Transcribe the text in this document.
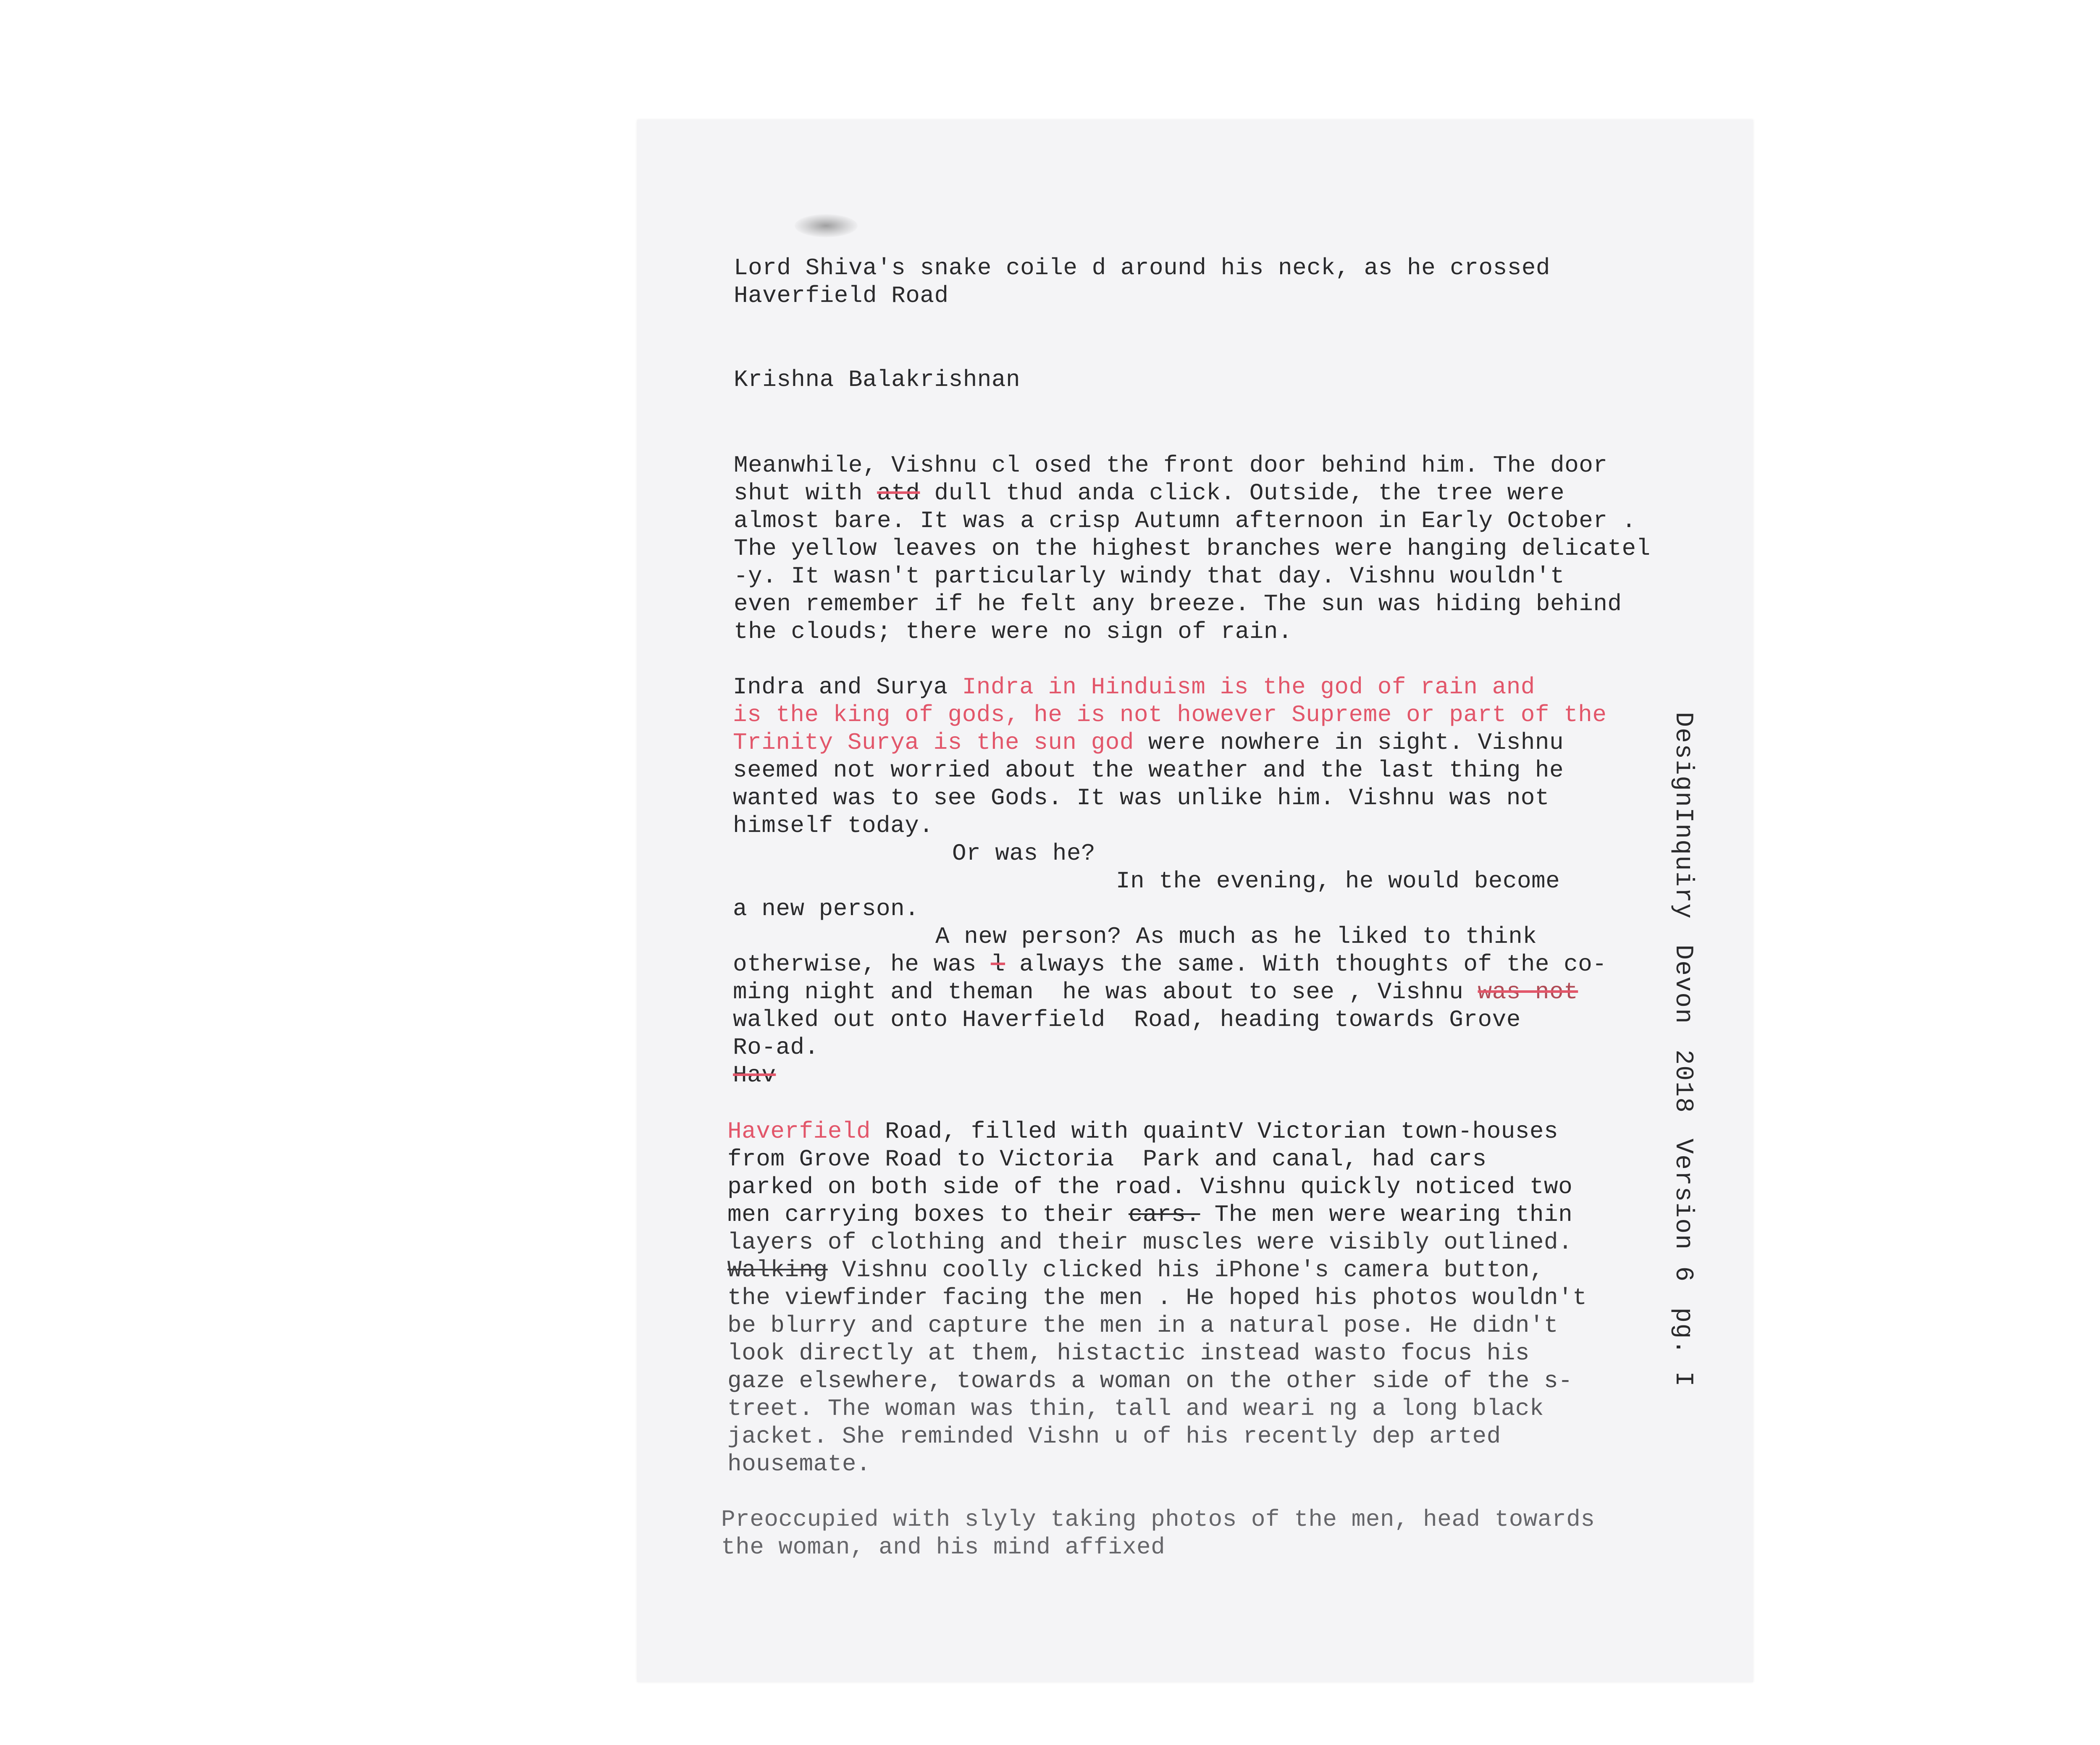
Lord Shiva's snake coile d around his neck, as he crossed
Haverfield Road
Krishna Balakrishnan
Meanwhile, Vishnu cl osed the front door behind him. The door
shut with atd dull thud anda click. Outside, the tree were
almost bare. It was a crisp Autumn afternoon in Early October .
The yellow leaves on the highest branches were hanging delicatel
-y. It wasn't particularly windy that day. Vishnu wouldn't
even remember if he felt any breeze. The sun was hiding behind
the clouds; there were no sign of rain.
Indra and Surya Indra in Hinduism is the god of rain and
is the king of gods, he is not however Supreme or part of the
Trinity Surya is the sun god were nowhere in sight. Vishnu
seemed not worried about the weather and the last thing he
wanted was to see Gods. It was unlike him. Vishnu was not
himself today.
Or was he?
In the evening, he would become
a new person.
A new person? As much as he liked to think
otherwise, he was l always the same. With thoughts of the co-
ming night and theman  he was about to see , Vishnu was not
walked out onto Haverfield  Road, heading towards Grove
Ro-ad.
Hav
Haverfield Road, filled with quaintV Victorian town-houses
from Grove Road to Victoria  Park and canal, had cars
parked on both side of the road. Vishnu quickly noticed two
men carrying boxes to their cars. The men were wearing thin
layers of clothing and their muscles were visibly outlined.
Walking Vishnu coolly clicked his iPhone's camera button,
the viewfinder facing the men . He hoped his photos wouldn't
be blurry and capture the men in a natural pose. He didn't
look directly at them, histactic instead wasto focus his
gaze elsewhere, towards a woman on the other side of the s-
treet. The woman was thin, tall and weari ng a long black
jacket. She reminded Vishn u of his recently dep arted
housemate.
Preoccupied with slyly taking photos of the men, head towards
the woman, and his mind affixed
DesignInquiryDevon2018Version 6pg. I
